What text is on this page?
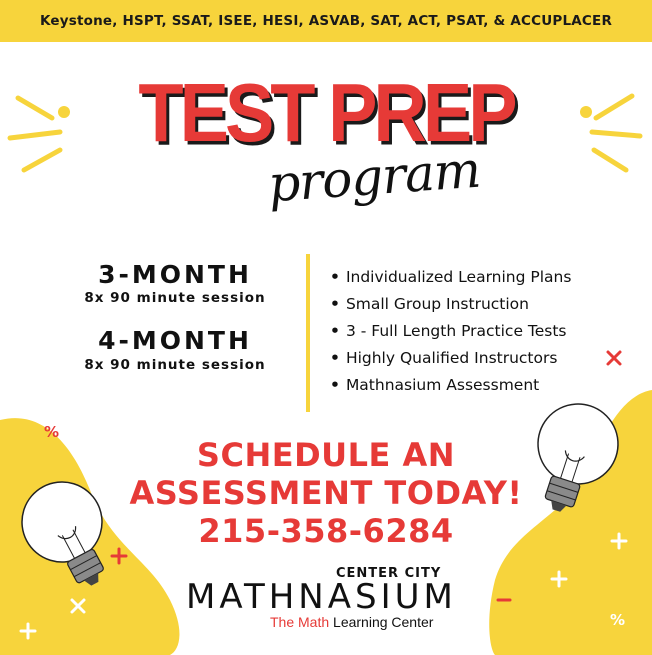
%
%
Keystone, HSPT, SSAT, ISEE, HESI, ASVAB, SAT, ACT, PSAT, & ACCUPLACER
TEST PREP
program
3-MONTH
8x 90 minute session
4-MONTH
8x 90 minute session
• Individualized Learning Plans
• Small Group Instruction
• 3 - Full Length Practice Tests
• Highly Qualified Instructors
• Mathnasium Assessment
SCHEDULE AN
ASSESSMENT TODAY!
215-358-6284
CENTER CITY
MATHNASIUM
The Math Learning Center
